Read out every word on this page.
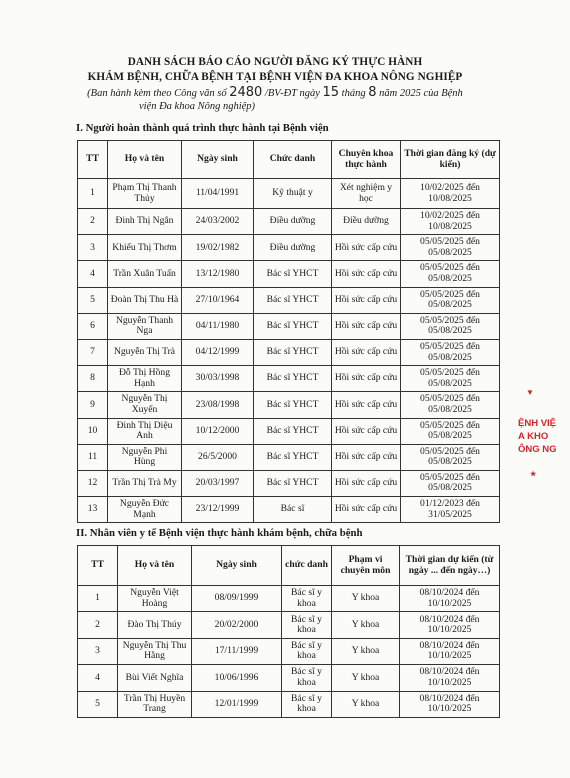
DANH SÁCH BÁO CÁO NGƯỜI ĐĂNG KÝ THỰC HÀNH
KHÁM BỆNH, CHỮA BỆNH TẠI BỆNH VIỆN ĐA KHOA NÔNG NGHIỆP
(Ban hành kèm theo Công văn số 2480 /BV-ĐT ngày 15 tháng 8 năm 2025 của Bệnh
viện Đa khoa Nông nghiệp)
I. Người hoàn thành quá trình thực hành tại Bệnh viện
TT	Họ và tên	Ngày sinh	Chức danh	Chuyên khoa thực hành	Thời gian đăng ký (dự kiến)
1	Phạm Thị Thanh Thủy	11/04/1991	Kỹ thuật y	Xét nghiệm y học	10/02/2025 đến 10/08/2025
2	Đinh Thị Ngân	24/03/2002	Điều dưỡng	Điều dưỡng	10/02/2025 đến 10/08/2025
3	Khiếu Thị Thơm	19/02/1982	Điều dưỡng	Hồi sức cấp cứu	05/05/2025 đến 05/08/2025
4	Trần Xuân Tuấn	13/12/1980	Bác sĩ YHCT	Hồi sức cấp cứu	05/05/2025 đến 05/08/2025
5	Đoàn Thị Thu Hà	27/10/1964	Bác sĩ YHCT	Hồi sức cấp cứu	05/05/2025 đến 05/08/2025
6	Nguyễn Thanh Nga	04/11/1980	Bác sĩ YHCT	Hồi sức cấp cứu	05/05/2025 đến 05/08/2025
7	Nguyễn Thị Trà	04/12/1999	Bác sĩ YHCT	Hồi sức cấp cứu	05/05/2025 đến 05/08/2025
8	Đỗ Thị Hồng Hạnh	30/03/1998	Bác sĩ YHCT	Hồi sức cấp cứu	05/05/2025 đến 05/08/2025
9	Nguyễn Thị Xuyến	23/08/1998	Bác sĩ YHCT	Hồi sức cấp cứu	05/05/2025 đến 05/08/2025
10	Đinh Thị Diệu Anh	10/12/2000	Bác sĩ YHCT	Hồi sức cấp cứu	05/05/2025 đến 05/08/2025
11	Nguyễn Phi Hùng	26/5/2000	Bác sĩ YHCT	Hồi sức cấp cứu	05/05/2025 đến 05/08/2025
12	Trần Thị Trà My	20/03/1997	Bác sĩ YHCT	Hồi sức cấp cứu	05/05/2025 đến 05/08/2025
13	Nguyễn Đức Mạnh	23/12/1999	Bác sĩ	Hồi sức cấp cứu	01/12/2023 đến 31/05/2025
II. Nhân viên y tế Bệnh viện thực hành khám bệnh, chữa bệnh
TT	Họ và tên	Ngày sinh	chức danh	Phạm vi chuyên môn	Thời gian dự kiến (từ ngày ... đến ngày…)
1	Nguyễn Việt Hoàng	08/09/1999	Bác sĩ y khoa	Y khoa	08/10/2024 đến 10/10/2025
2	Đào Thị Thúy	20/02/2000	Bác sĩ y khoa	Y khoa	08/10/2024 đến 10/10/2025
3	Nguyễn Thị Thu Hằng	17/11/1999	Bác sĩ y khoa	Y khoa	08/10/2024 đến 10/10/2025
4	Bùi Viết Nghĩa	10/06/1996	Bác sĩ y khoa	Y khoa	08/10/2024 đến 10/10/2025
5	Trần Thị Huyền Trang	12/01/1999	Bác sĩ y khoa	Y khoa	08/10/2024 đến 10/10/2025
▼
ỆNH VIỆ
A KHO
ÔNG NG
★
